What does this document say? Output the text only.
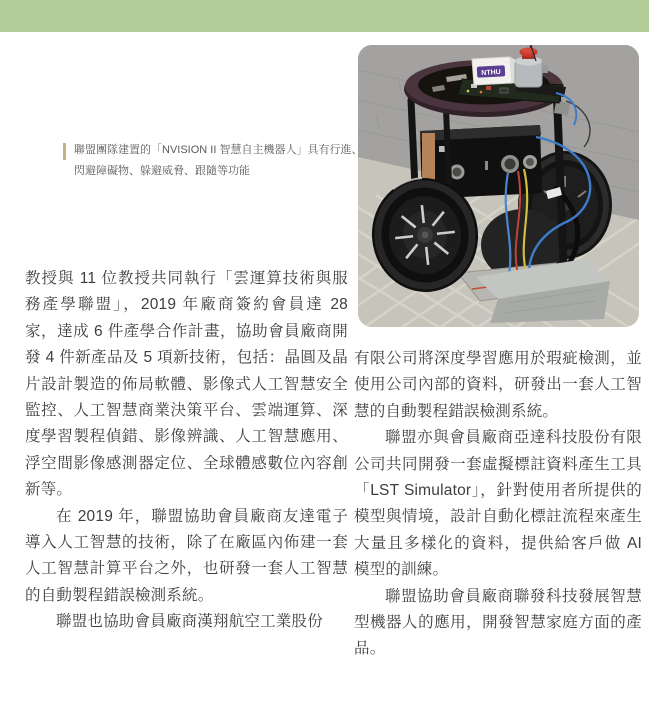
NTHU
聯盟團隊建置的「NVISION II 智慧自主機器人」具有行進、
閃避障礙物、躲避威脅、跟隨等功能

教授與 11 位教授共同執行「雲運算技術與服務產學聯盟」，2019 年廠商簽約會員達 28 家，達成 6 件產學合作計畫，協助會員廠商開發 4 件新產品及 5 項新技術，包括：晶圓及晶片設計製造的佈局軟體、影像式人工智慧安全監控、人工智慧商業決策平台、雲端運算、深度學習製程偵錯、影像辨識、人工智慧應用、浮空間影像感測器定位、全球體感數位內容創新等。

在 2019 年，聯盟協助會員廠商友達電子導入人工智慧的技術，除了在廠區內佈建一套人工智慧計算平台之外，也研發一套人工智慧的自動製程錯誤檢測系統。

聯盟也協助會員廠商漢翔航空工業股份

有限公司將深度學習應用於瑕疵檢測，並使用公司內部的資料，研發出一套人工智慧的自動製程錯誤檢測系統。

聯盟亦與會員廠商亞達科技股份有限公司共同開發一套虛擬標註資料產生工具「LST Simulator」，針對使用者所提供的模型與情境，設計自動化標註流程來產生大量且多樣化的資料，提供給客戶做 AI 模型的訓練。

聯盟協助會員廠商聯發科技發展智慧型機器人的應用，開發智慧家庭方面的產品。
